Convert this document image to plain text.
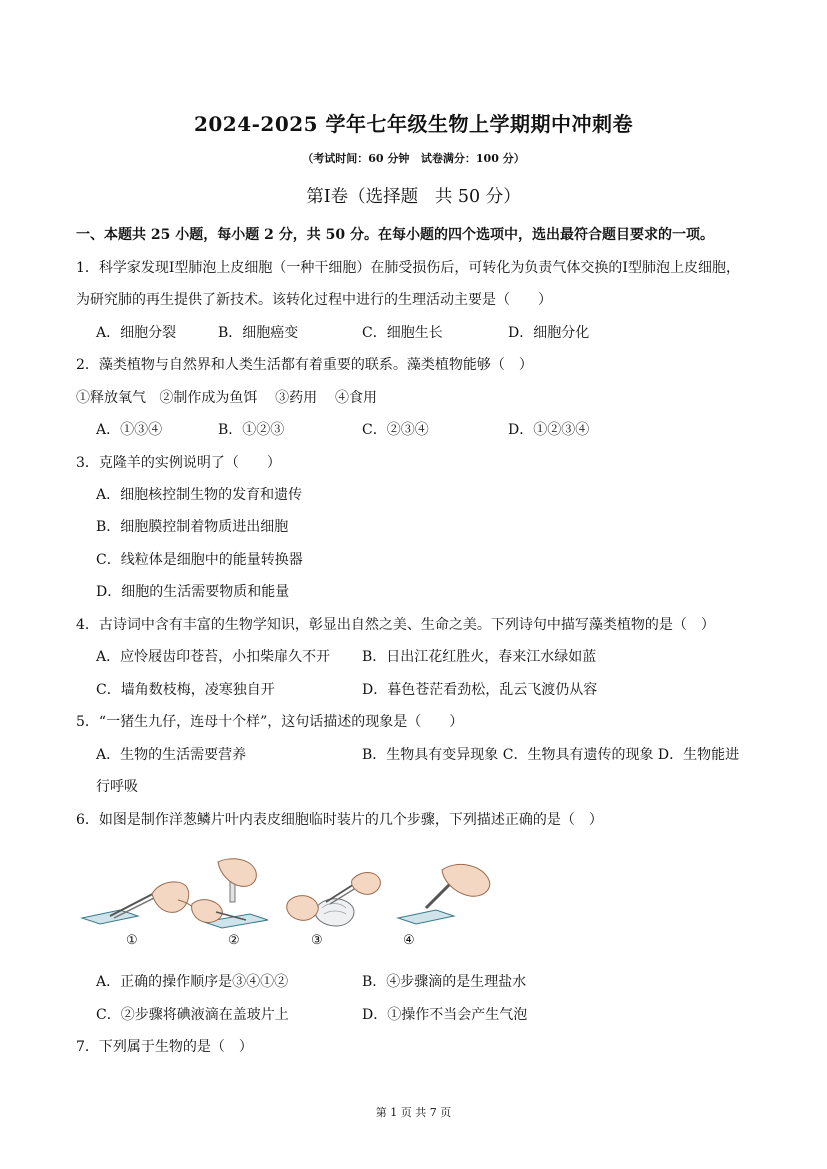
2024-2025 学年七年级生物上学期期中冲刺卷
（考试时间：60 分钟   试卷满分：100 分）
第I卷（选择题   共 50 分）
一、本题共 25 小题，每小题 2 分，共 50 分。在每小题的四个选项中，选出最符合题目要求的一项。
1．科学家发现I型肺泡上皮细胞（一种干细胞）在肺受损伤后，可转化为负责气体交换的I型肺泡上皮细胞，
为研究肺的再生提供了新技术。该转化过程中进行的生理活动主要是（　　）
A．细胞分裂	B．细胞癌变	C．细胞生长	D．细胞分化
2．藻类植物与自然界和人类生活都有着重要的联系。藻类植物能够（　）
①释放氧气   ②制作成为鱼饵    ③药用    ④食用
A．①③④	B．①②③	C．②③④	D．①②③④
3．克隆羊的实例说明了（　　）
A．细胞核控制生物的发育和遗传
B．细胞膜控制着物质进出细胞
C．线粒体是细胞中的能量转换器
D．细胞的生活需要物质和能量
4．古诗词中含有丰富的生物学知识，彰显出自然之美、生命之美。下列诗句中描写藻类植物的是（　）
A．应怜屐齿印苍苔，小扣柴扉久不开 B．日出江花红胜火，春来江水绿如蓝
C．墙角数枝梅，凌寒独自开	D．暮色苍茫看劲松，乱云飞渡仍从容
5．“一猪生九仔，连母十个样”，这句话描述的现象是（　　）
A．生物的生活需要营养	B．生物具有变异现象 C．生物具有遗传的现象 D．生物能进
行呼吸
6．如图是制作洋葱鳞片叶内表皮细胞临时装片的几个步骤，下列描述正确的是（　）
①	②	③	④
A．正确的操作顺序是③④①②	B．④步骤滴的是生理盐水
C．②步骤将碘液滴在盖玻片上	D．①操作不当会产生气泡
7．下列属于生物的是（　）
第 1 页 共 7 页
